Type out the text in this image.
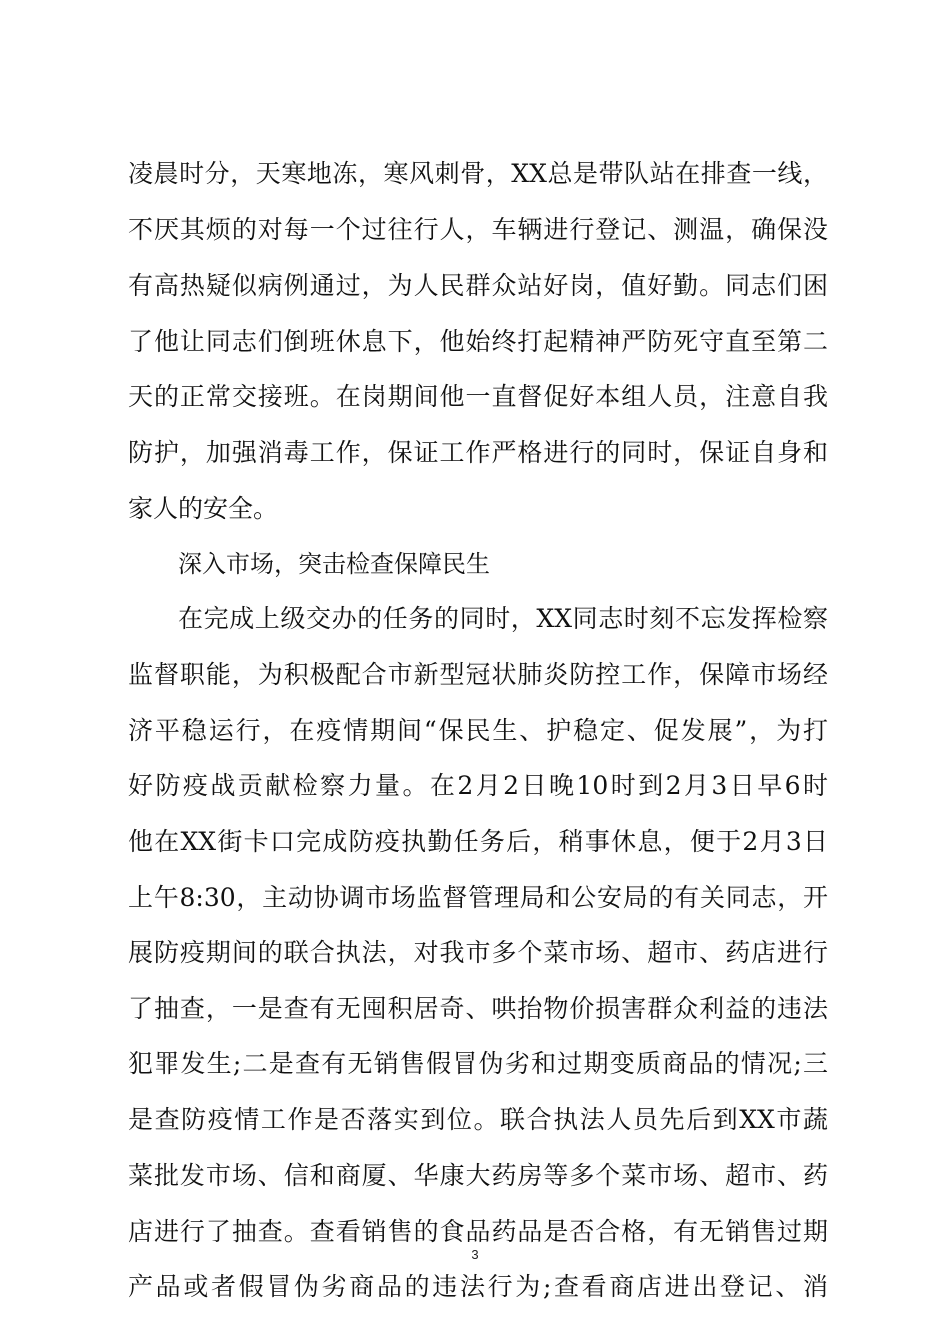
凌晨时分，天寒地冻，寒风刺骨，XX总是带队站在排查一线，
不厌其烦的对每一个过往行人，车辆进行登记、测温，确保没
有高热疑似病例通过，为人民群众站好岗，值好勤。同志们困
了他让同志们倒班休息下，他始终打起精神严防死守直至第二
天的正常交接班。在岗期间他一直督促好本组人员，注意自我
防护，加强消毒工作，保证工作严格进行的同时，保证自身和
家人的安全。
深入市场，突击检查保障民生
在完成上级交办的任务的同时，XX同志时刻不忘发挥检察
监督职能，为积极配合市新型冠状肺炎防控工作，保障市场经
济平稳运行，在疫情期间“保民生、护稳定、促发展”，为打
好防疫战贡献检察力量。在2月2日晚10时到2月3日早6时
他在XX街卡口完成防疫执勤任务后，稍事休息，便于2月3日
上午8:30，主动协调市场监督管理局和公安局的有关同志，开
展防疫期间的联合执法，对我市多个菜市场、超市、药店进行
了抽查，一是查有无囤积居奇、哄抬物价损害群众利益的违法
犯罪发生;二是查有无销售假冒伪劣和过期变质商品的情况;三
是查防疫情工作是否落实到位。联合执法人员先后到XX市蔬
菜批发市场、信和商厦、华康大药房等多个菜市场、超市、药
店进行了抽查。查看销售的食品药品是否合格，有无销售过期
产品或者假冒伪劣商品的违法行为;查看商店进出登记、消
3
